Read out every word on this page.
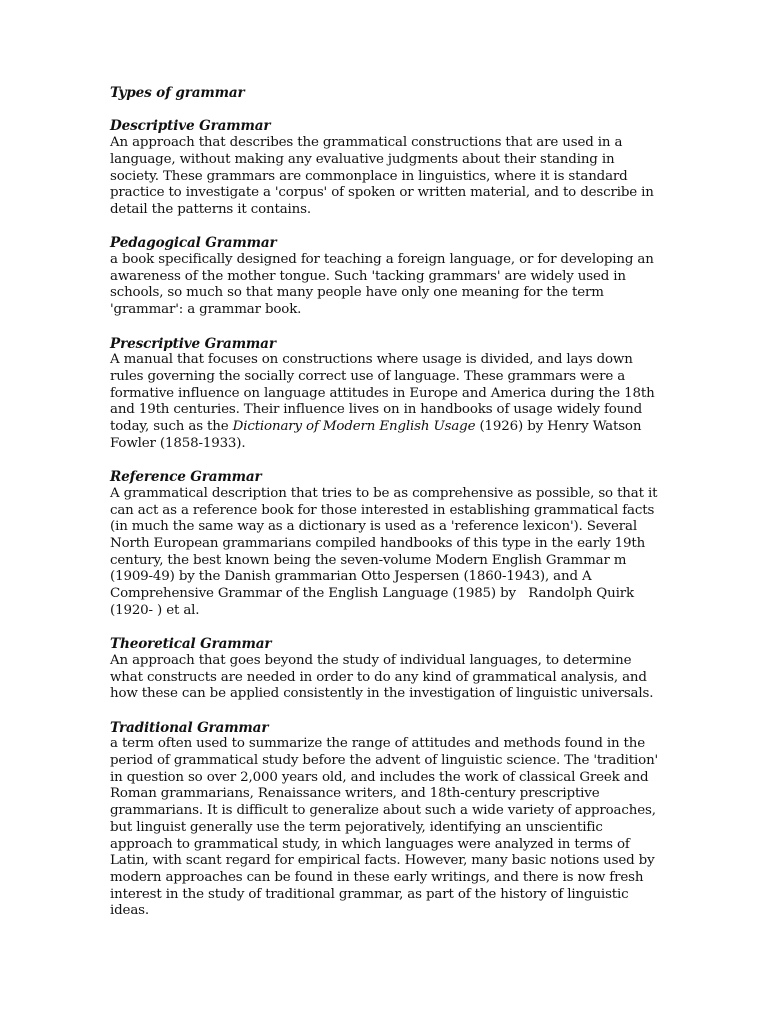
Types of grammar
Descriptive Grammar
An approach that describes the grammatical constructions that are used in a language, without making any evaluative judgments about their standing in society. These grammars are commonplace in linguistics, where it is standard practice to investigate a 'corpus' of spoken or written material, and to describe in detail the patterns it contains.
Pedagogical Grammar
a book specifically designed for teaching a foreign language, or for developing an awareness of the mother tongue. Such 'tacking grammars' are widely used in schools, so much so that many people have only one meaning for the term 'grammar': a grammar book.
Prescriptive Grammar
A manual that focuses on constructions where usage is divided, and lays down rules governing the socially correct use of language. These grammars were a formative influence on language attitudes in Europe and America during the 18th and 19th centuries. Their influence lives on in handbooks of usage widely found today, such as the Dictionary of Modern English Usage (1926) by Henry Watson Fowler (1858-1933).
Reference Grammar
A grammatical description that tries to be as comprehensive as possible, so that it can act as a reference book for those interested in establishing grammatical facts (in much the same way as a dictionary is used as a 'reference lexicon'). Several North European grammarians compiled handbooks of this type in the early 19th century, the best known being the seven-volume Modern English Grammar m (1909-49) by the Danish grammarian Otto Jespersen (1860-1943), and A Comprehensive Grammar of the English Language (1985) by   Randolph Quirk (1920- ) et al.
Theoretical Grammar
An approach that goes beyond the study of individual languages, to determine what constructs are needed in order to do any kind of grammatical analysis, and how these can be applied consistently in the investigation of linguistic universals.
Traditional Grammar
a term often used to summarize the range of attitudes and methods found in the period of grammatical study before the advent of linguistic science. The 'tradition' in question so over 2,000 years old, and includes the work of classical Greek and Roman grammarians, Renaissance writers, and 18th-century prescriptive grammarians. It is difficult to generalize about such a wide variety of approaches, but linguist generally use the term pejoratively, identifying an unscientific approach to grammatical study, in which languages were analyzed in terms of Latin, with scant regard for empirical facts. However, many basic notions used by modern approaches can be found in these early writings, and there is now fresh interest in the study of traditional grammar, as part of the history of linguistic ideas.
